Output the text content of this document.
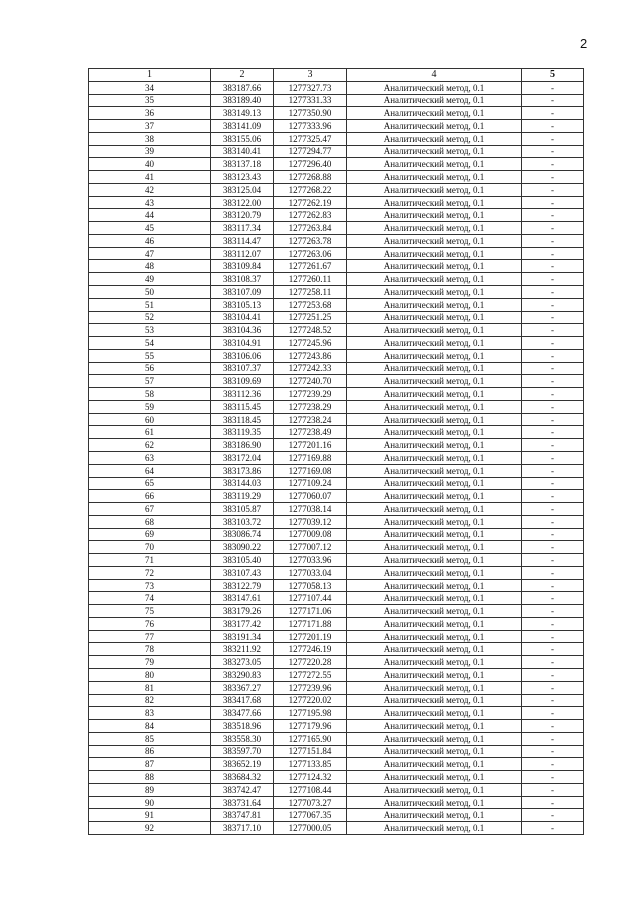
2
1	2	3	4	5
34	383187.66	1277327.73	Аналитический метод, 0.1	-
35	383189.40	1277331.33	Аналитический метод, 0.1	-
36	383149.13	1277350.90	Аналитический метод, 0.1	-
37	383141.09	1277333.96	Аналитический метод, 0.1	-
38	383155.06	1277325.47	Аналитический метод, 0.1	-
39	383140.41	1277294.77	Аналитический метод, 0.1	-
40	383137.18	1277296.40	Аналитический метод, 0.1	-
41	383123.43	1277268.88	Аналитический метод, 0.1	-
42	383125.04	1277268.22	Аналитический метод, 0.1	-
43	383122.00	1277262.19	Аналитический метод, 0.1	-
44	383120.79	1277262.83	Аналитический метод, 0.1	-
45	383117.34	1277263.84	Аналитический метод, 0.1	-
46	383114.47	1277263.78	Аналитический метод, 0.1	-
47	383112.07	1277263.06	Аналитический метод, 0.1	-
48	383109.84	1277261.67	Аналитический метод, 0.1	-
49	383108.37	1277260.11	Аналитический метод, 0.1	-
50	383107.09	1277258.11	Аналитический метод, 0.1	-
51	383105.13	1277253.68	Аналитический метод, 0.1	-
52	383104.41	1277251.25	Аналитический метод, 0.1	-
53	383104.36	1277248.52	Аналитический метод, 0.1	-
54	383104.91	1277245.96	Аналитический метод, 0.1	-
55	383106.06	1277243.86	Аналитический метод, 0.1	-
56	383107.37	1277242.33	Аналитический метод, 0.1	-
57	383109.69	1277240.70	Аналитический метод, 0.1	-
58	383112.36	1277239.29	Аналитический метод, 0.1	-
59	383115.45	1277238.29	Аналитический метод, 0.1	-
60	383118.45	1277238.24	Аналитический метод, 0.1	-
61	383119.35	1277238.49	Аналитический метод, 0.1	-
62	383186.90	1277201.16	Аналитический метод, 0.1	-
63	383172.04	1277169.88	Аналитический метод, 0.1	-
64	383173.86	1277169.08	Аналитический метод, 0.1	-
65	383144.03	1277109.24	Аналитический метод, 0.1	-
66	383119.29	1277060.07	Аналитический метод, 0.1	-
67	383105.87	1277038.14	Аналитический метод, 0.1	-
68	383103.72	1277039.12	Аналитический метод, 0.1	-
69	383086.74	1277009.08	Аналитический метод, 0.1	-
70	383090.22	1277007.12	Аналитический метод, 0.1	-
71	383105.40	1277033.96	Аналитический метод, 0.1	-
72	383107.43	1277033.04	Аналитический метод, 0.1	-
73	383122.79	1277058.13	Аналитический метод, 0.1	-
74	383147.61	1277107.44	Аналитический метод, 0.1	-
75	383179.26	1277171.06	Аналитический метод, 0.1	-
76	383177.42	1277171.88	Аналитический метод, 0.1	-
77	383191.34	1277201.19	Аналитический метод, 0.1	-
78	383211.92	1277246.19	Аналитический метод, 0.1	-
79	383273.05	1277220.28	Аналитический метод, 0.1	-
80	383290.83	1277272.55	Аналитический метод, 0.1	-
81	383367.27	1277239.96	Аналитический метод, 0.1	-
82	383417.68	1277220.02	Аналитический метод, 0.1	-
83	383477.66	1277195.98	Аналитический метод, 0.1	-
84	383518.96	1277179.96	Аналитический метод, 0.1	-
85	383558.30	1277165.90	Аналитический метод, 0.1	-
86	383597.70	1277151.84	Аналитический метод, 0.1	-
87	383652.19	1277133.85	Аналитический метод, 0.1	-
88	383684.32	1277124.32	Аналитический метод, 0.1	-
89	383742.47	1277108.44	Аналитический метод, 0.1	-
90	383731.64	1277073.27	Аналитический метод, 0.1	-
91	383747.81	1277067.35	Аналитический метод, 0.1	-
92	383717.10	1277000.05	Аналитический метод, 0.1	-
